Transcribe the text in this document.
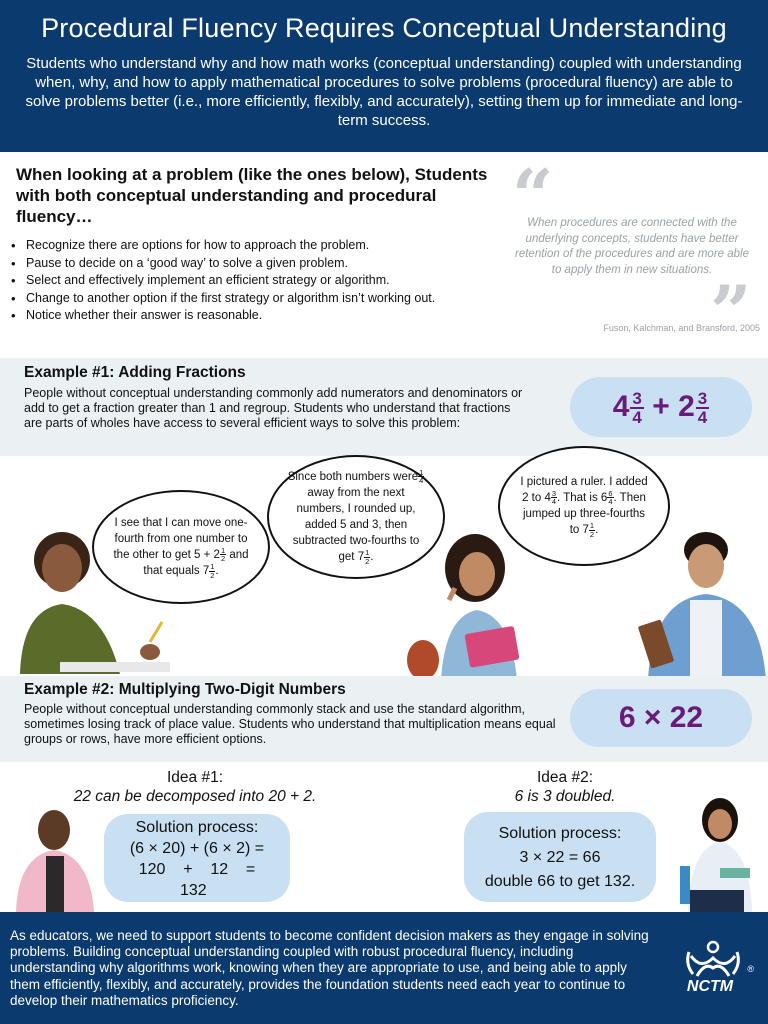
Procedural Fluency Requires Conceptual Understanding

Students who understand why and how math works (conceptual understanding) coupled with understanding when, why, and how to apply mathematical procedures to solve problems (procedural fluency) are able to solve problems better (i.e., more efficiently, flexibly, and accurately), setting them up for immediate and long-term success.

When looking at a problem (like the ones below), Students with both conceptual understanding and procedural fluency…
• Recognize there are options for how to approach the problem.
• Pause to decide on a ‘good way’ to solve a given problem.
• Select and effectively implement an efficient strategy or algorithm.
• Change to another option if the first strategy or algorithm isn’t working out.
• Notice whether their answer is reasonable.
“
When procedures are connected with the underlying concepts, students have better retention of the procedures and are more able to apply them in new situations.
”
Fuson, Kalchman, and Bransford, 2005
Example #1: Adding Fractions

People without conceptual understanding commonly add numerators and denominators or add to get a fraction greater than 1 and regroup. Students who understand that fractions are parts of wholes have access to several efficient ways to solve this problem:	$4 \frac{3}{4} + 2 \frac{3}{4}$
I see that I can move one-fourth from one number to the other to get $5 + 2 \frac{1}{2}$ and that equals $7 \frac{1}{2}$ .
Since both numbers were $\frac{1}{4}$
away from the next numbers, I rounded up, added 5 and 3, then subtracted two-fourths to get $7 \frac{1}{2}$ .
I pictured a ruler. I added 2 to $4 \frac{3}{4}$ . That is $6 \frac{6}{4}$ . Then jumped up three-fourths to $7 \frac{1}{2}$ .
Example #2: Multiplying Two-Digit Numbers

People without conceptual understanding commonly stack and use the standard algorithm, sometimes losing track of place value. Students who understand that multiplication means equal groups or rows, have more efficient options.

6 × 22
Idea #1:
22 can be decomposed into 20 + 2.
Solution process:
(6 × 20) + (6 × 2) =
120    +    12    =
132
Idea #2:
6 is 3 doubled.
Solution process:
3 × 22 = 66
double 66 to get 132.

As educators, we need to support students to become confident decision makers as they engage in solving problems. Building conceptual understanding coupled with robust procedural fluency, including understanding why algorithms work, knowing when they are appropriate to use, and being able to apply them efficiently, flexibly, and accurately, provides the foundation students need each year to continue to develop their mathematics proficiency.

®
NCTM
